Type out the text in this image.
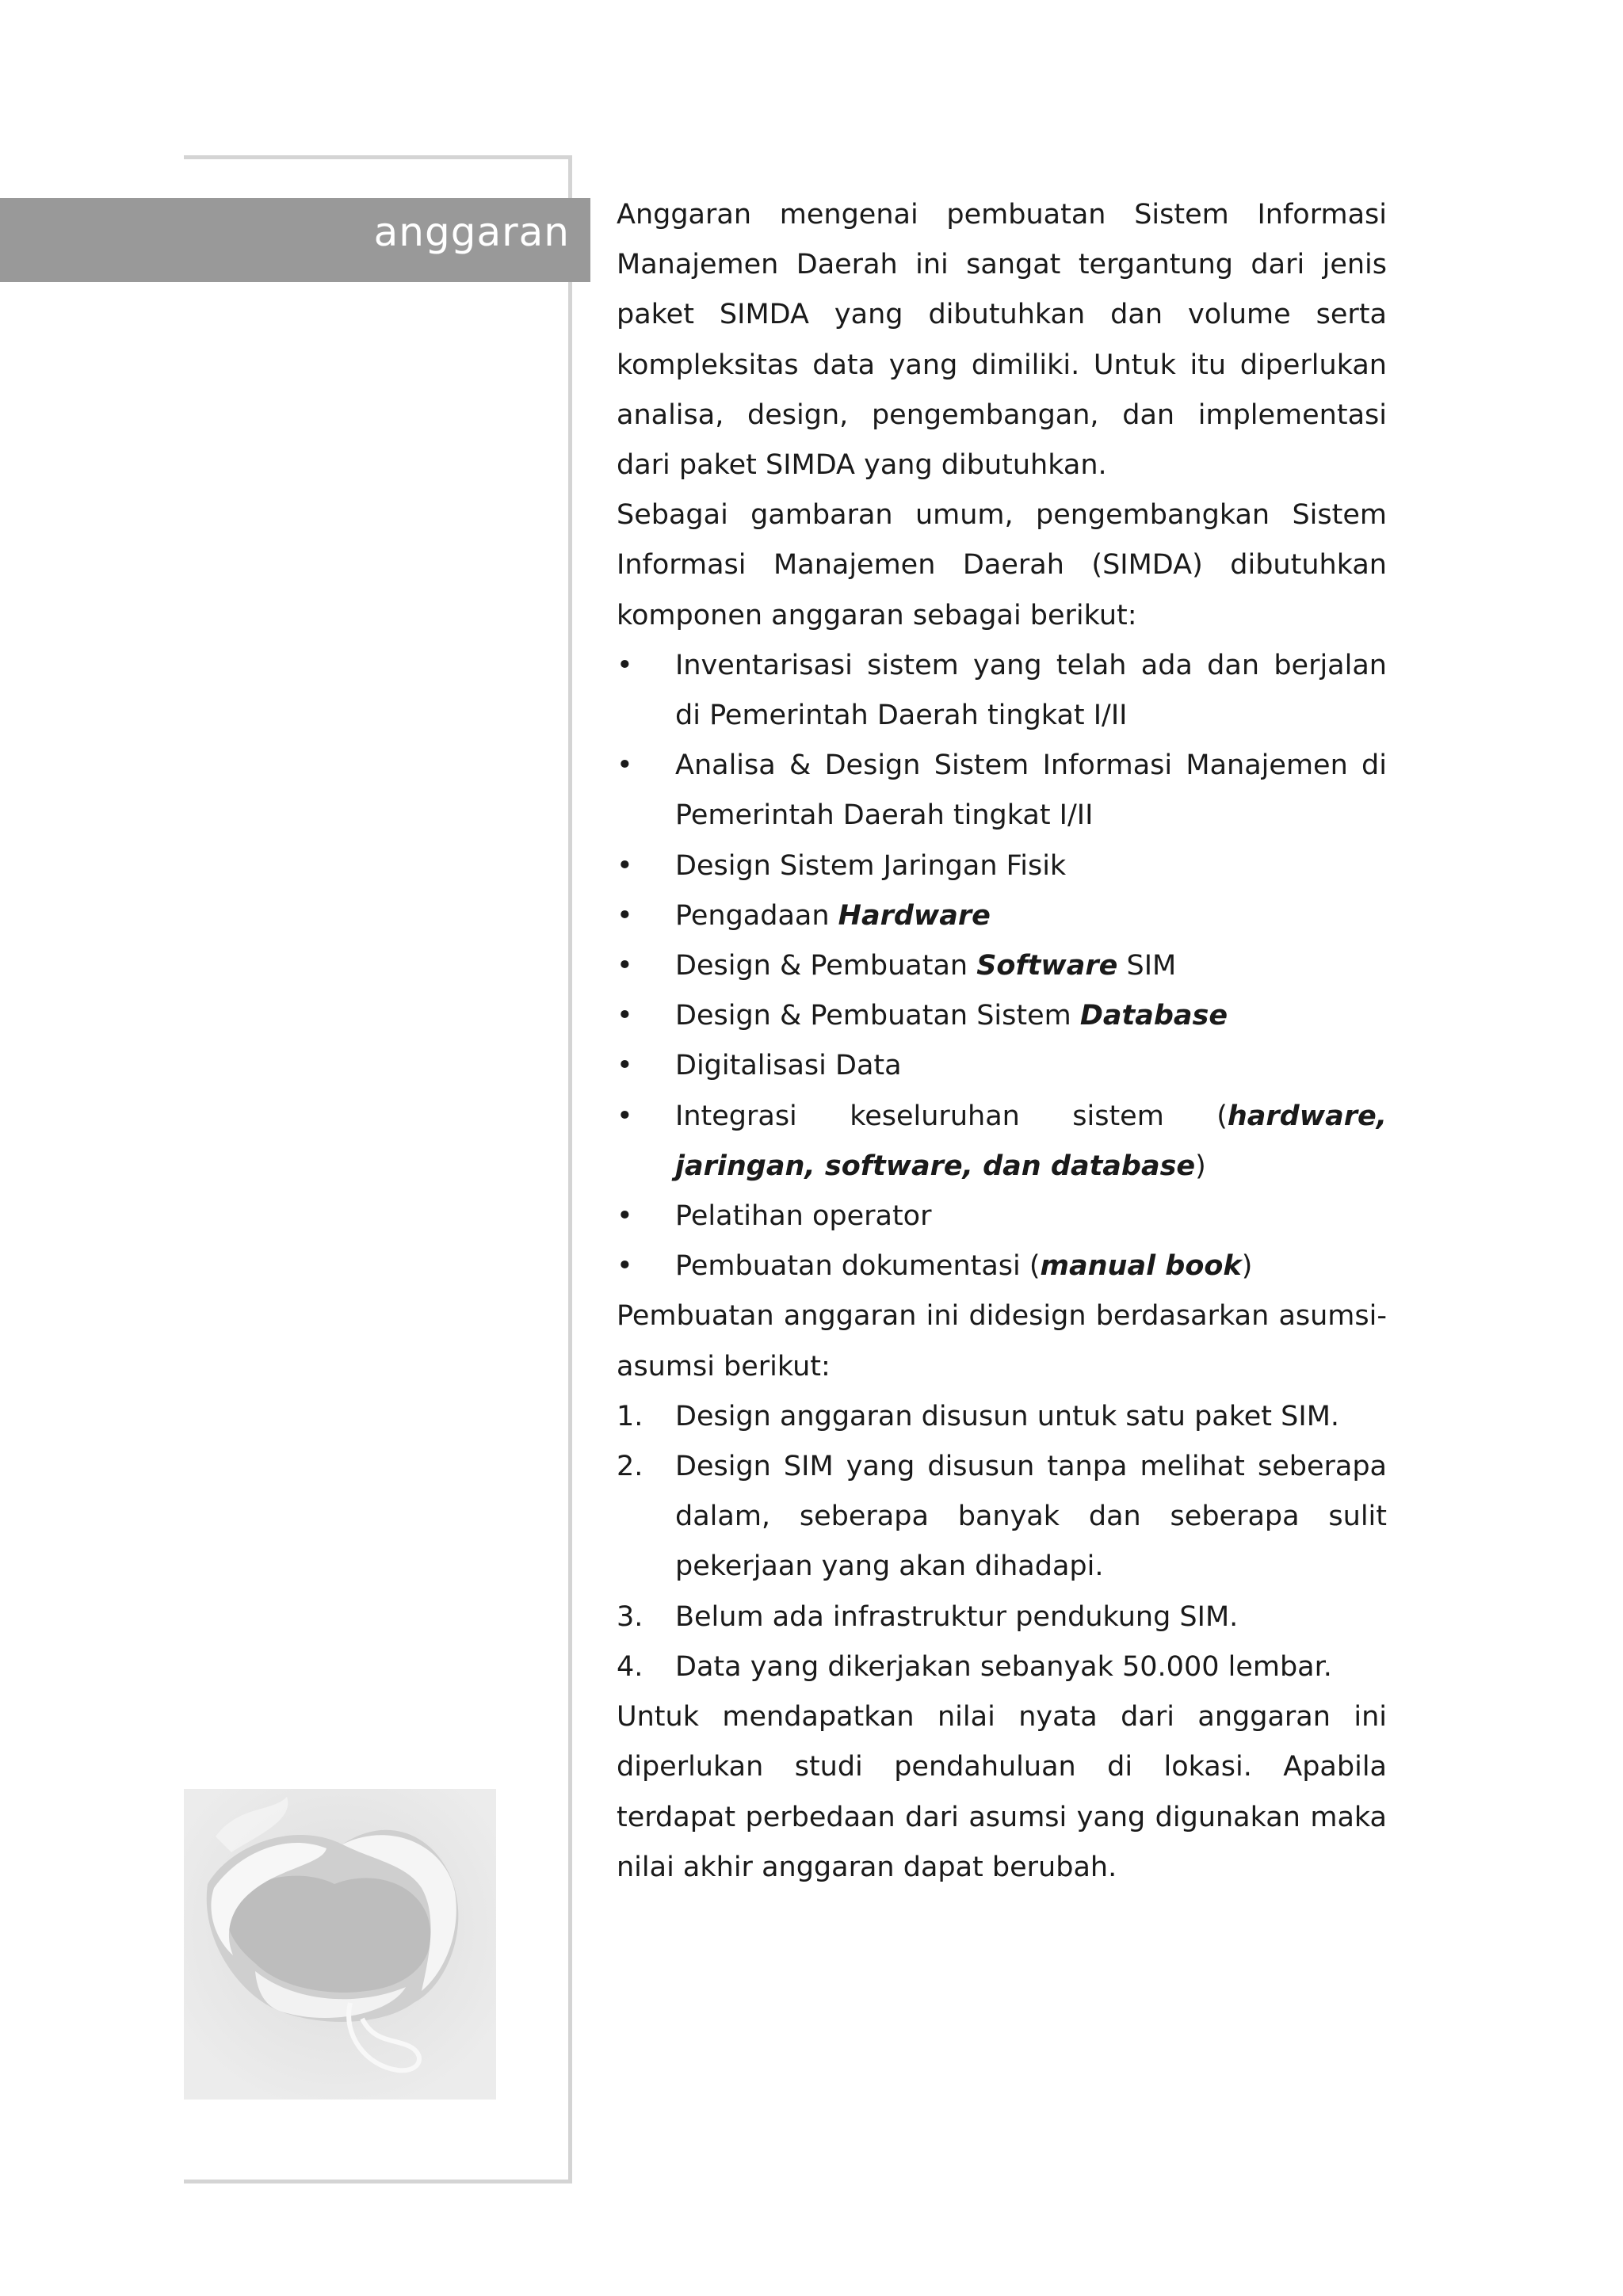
anggaran Anggaran mengenai pembuatan Sistem Informasi Manajemen Daerah ini sangat tergantung dari jenis paket SIMDA yang dibutuhkan dan volume serta kompleksitas data yang dimiliki. Untuk itu diperlukan analisa, design, pengembangan, dan implementasi dari paket SIMDA yang dibutuhkan.

Sebagai gambaran umum, pengembangkan Sistem Informasi Manajemen Daerah (SIMDA) dibutuhkan komponen anggaran sebagai berikut:

• Inventarisasi sistem yang telah ada dan berjalan di Pemerintah Daerah tingkat I/II
• Analisa & Design Sistem Informasi Manajemen di Pemerintah Daerah tingkat I/II
• Design Sistem Jaringan Fisik
• Pengadaan Hardware
• Design & Pembuatan Software SIM
• Design & Pembuatan Sistem Database
• Digitalisasi Data
• Integrasi keseluruhan sistem (hardware, jaringan, software, dan database)
• Pelatihan operator
• Pembuatan dokumentasi (manual book)

Pembuatan anggaran ini didesign berdasarkan asumsi-asumsi berikut:

1. Design anggaran disusun untuk satu paket SIM.
2. Design SIM yang disusun tanpa melihat seberapa dalam, seberapa banyak dan seberapa sulit pekerjaan yang akan dihadapi.
3. Belum ada infrastruktur pendukung SIM.
4. Data yang dikerjakan sebanyak 50.000 lembar.

Untuk mendapatkan nilai nyata dari anggaran ini diperlukan studi pendahuluan di lokasi. Apabila terdapat perbedaan dari asumsi yang digunakan maka nilai akhir anggaran dapat berubah.
